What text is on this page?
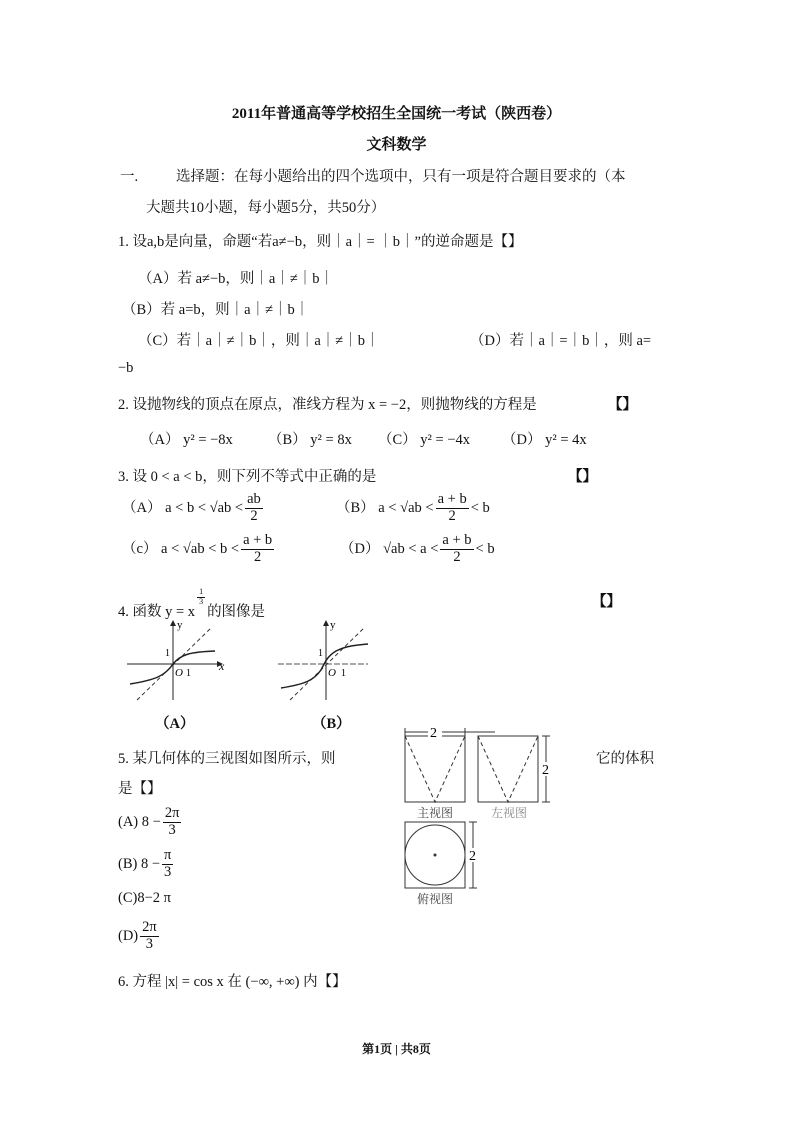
2011年普通高等学校招生全国统一考试（陕西卷）
文科数学
一.	选择题：在每小题给出的四个选项中，只有一项是符合题目要求的（本
大题共10小题，每小题5分，共50分）
1. 设a,b是向量，命题“若a≠−b，则｜a｜= ｜b｜”的逆命题是【】
（A）若 a≠−b，则｜a｜≠｜b｜
（B）若 a=b，则｜a｜≠｜b｜
（C）若｜a｜≠｜b｜，则｜a｜≠｜b｜	（D）若｜a｜=｜b｜，则 a=
−b
2. 设抛物线的顶点在原点，准线方程为 x = −2，则抛物线的方程是	【】
（A） y² = −8x （B） y² = 8x （C） y² = −4x （D） y² = 4x
3. 设 0 < a < b，则下列不等式中正确的是	【】
（A） $a < b < √ab < \frac{ab}{2}$	（B） $a < √ab < \frac{a + b}{2} < b$
（c） $a < √ab < b < \frac{a + b}{2}$	（D） $√ab < a < \frac{a + b}{2} < b$
4. 函数 y = x
$\frac{1}{3}$
的图像是
【】
y
x
1
O 1
y
1
O 1
（A）	（B）
5. 某几何体的三视图如图所示，则	它的体积
是【】
2
2
2
主视图	左视图
俯视图
(A) $8 - \frac{2\pi}{3}$
(B) $8 - \frac{\pi}{3}$
(C)8−2 π
$(D) \frac{2\pi}{3}$
6. 方程 |x| = cos x 在 (−∞, +∞) 内【】
第1页 | 共8页
